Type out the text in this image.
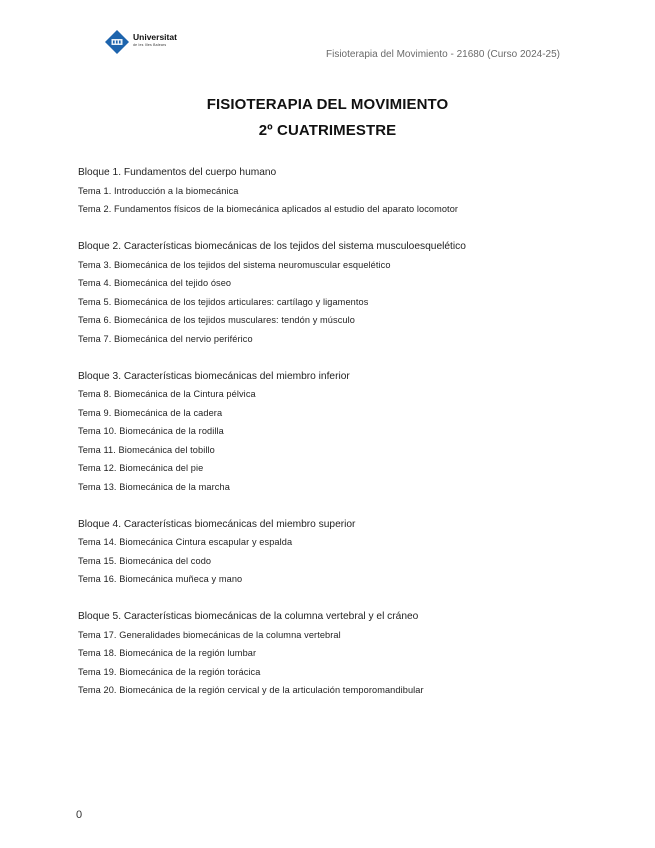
Universitat
de les Illes Balears
Fisioterapia del Movimiento - 21680 (Curso 2024-25)
FISIOTERAPIA DEL MOVIMIENTO
2º CUATRIMESTRE
Bloque 1. Fundamentos del cuerpo humano
Tema 1. Introducción a la biomecánica
Tema 2. Fundamentos físicos de la biomecánica aplicados al estudio del aparato locomotor
Bloque 2. Características biomecánicas de los tejidos del sistema musculoesquelético
Tema 3. Biomecánica de los tejidos del sistema neuromuscular esquelético
Tema 4. Biomecánica del tejido óseo
Tema 5. Biomecánica de los tejidos articulares: cartílago y ligamentos
Tema 6. Biomecánica de los tejidos musculares: tendón y músculo
Tema 7. Biomecánica del nervio periférico
Bloque 3. Características biomecánicas del miembro inferior
Tema 8. Biomecánica de la Cintura pélvica
Tema 9. Biomecánica de la cadera
Tema 10. Biomecánica de la rodilla
Tema 11. Biomecánica del tobillo
Tema 12. Biomecánica del pie
Tema 13. Biomecánica de la marcha
Bloque 4. Características biomecánicas del miembro superior
Tema 14. Biomecánica Cintura escapular y espalda
Tema 15. Biomecánica del codo
Tema 16. Biomecánica muñeca y mano
Bloque 5. Características biomecánicas de la columna vertebral y el cráneo
Tema 17. Generalidades biomecánicas de la columna vertebral
Tema 18. Biomecánica de la región lumbar
Tema 19. Biomecánica de la región torácica
Tema 20. Biomecánica de la región cervical y de la articulación temporomandibular
0
